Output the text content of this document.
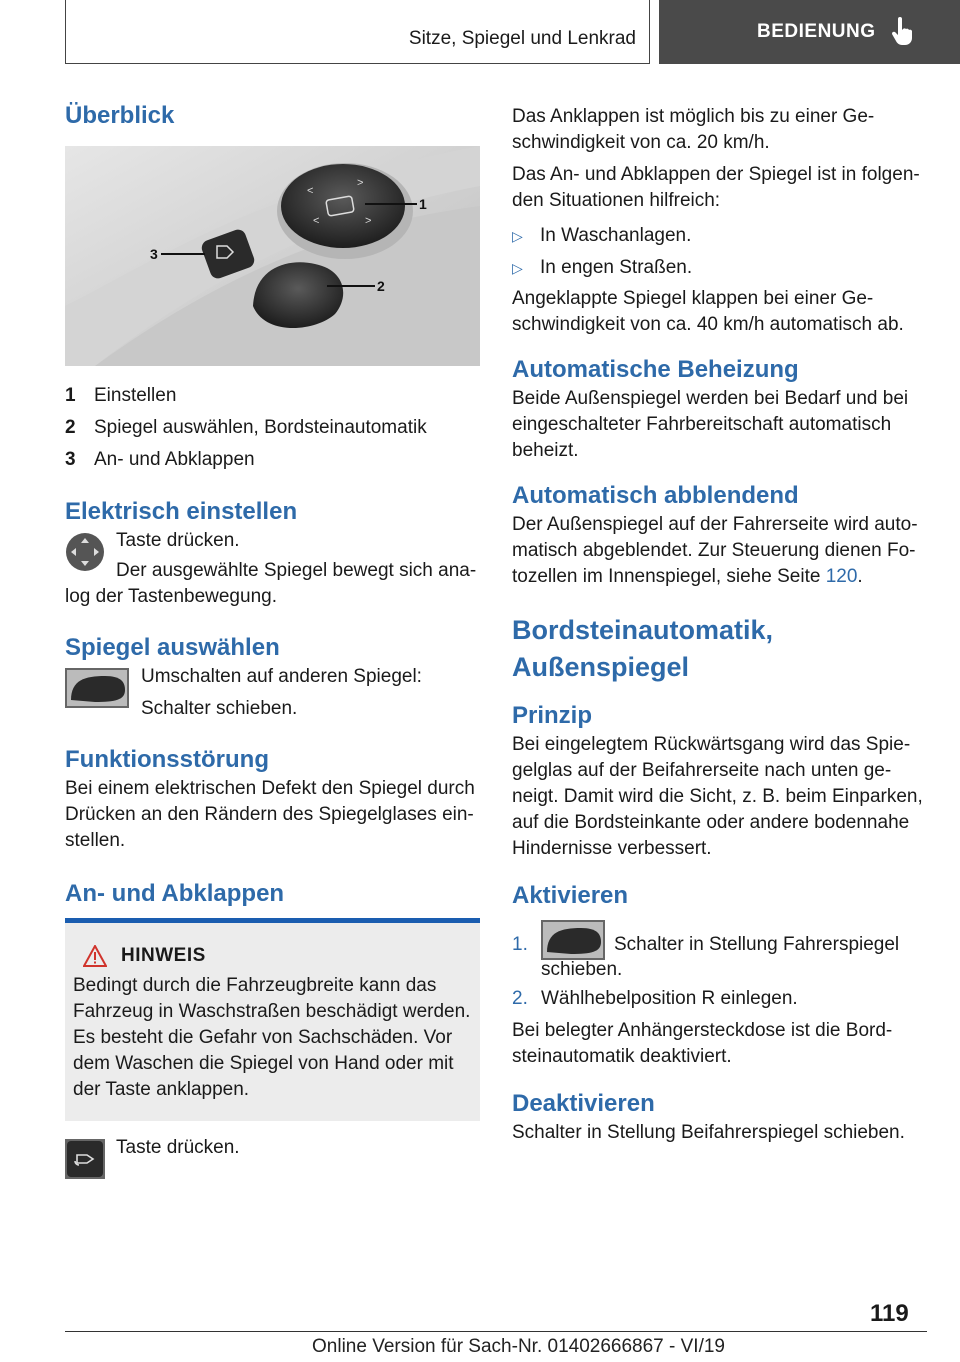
Sitze, Spiegel und Lenkrad	BEDIENUNG
Überblick
<
<	>
>
1
2
3
1 Einstellen
2 Spiegel auswählen, Bordsteinautomatik
3 An- und Abklappen
Elektrisch einstellen
Taste drücken.
Der ausgewählte Spiegel bewegt sich ana-
log der Tastenbewegung.
Spiegel auswählen
Umschalten auf anderen Spiegel:
Schalter schieben.
Funktionsstörung
Bei einem elektrischen Defekt den Spiegel durch
Drücken an den Rändern des Spiegelglases ein-
stellen.
An- und Abklappen
HINWEIS
Bedingt durch die Fahrzeugbreite kann das
Fahrzeug in Waschstraßen beschädigt werden.
Es besteht die Gefahr von Sachschäden. Vor
dem Waschen die Spiegel von Hand oder mit
der Taste anklappen.
Taste drücken.
Das Anklappen ist möglich bis zu einer Ge-
schwindigkeit von ca. 20 km/h.
Das An- und Abklappen der Spiegel ist in folgen-
den Situationen hilfreich:
▷ In Waschanlagen.
▷ In engen Straßen.
Angeklappte Spiegel klappen bei einer Ge-
schwindigkeit von ca. 40 km/h automatisch ab.
Automatische Beheizung
Beide Außenspiegel werden bei Bedarf und bei
eingeschalteter Fahrbereitschaft automatisch
beheizt.
Automatisch abblendend
Der Außenspiegel auf der Fahrerseite wird auto-
matisch abgeblendet. Zur Steuerung dienen Fo-
tozellen im Innenspiegel, siehe Seite 120.
Bordsteinautomatik,
Außenspiegel
Prinzip
Bei eingelegtem Rückwärtsgang wird das Spie-
gelglas auf der Beifahrerseite nach unten ge-
neigt. Damit wird die Sicht, z. B. beim Einparken,
auf die Bordsteinkante oder andere bodennahe
Hindernisse verbessert.
Aktivieren
1.	Schalter in Stellung Fahrerspiegel
schieben.
2. Wählhebelposition R einlegen.
Bei belegter Anhängersteckdose ist die Bord-
steinautomatik deaktiviert.
Deaktivieren
Schalter in Stellung Beifahrerspiegel schieben.
119
Online Version für Sach-Nr. 01402666867 - VI/19
